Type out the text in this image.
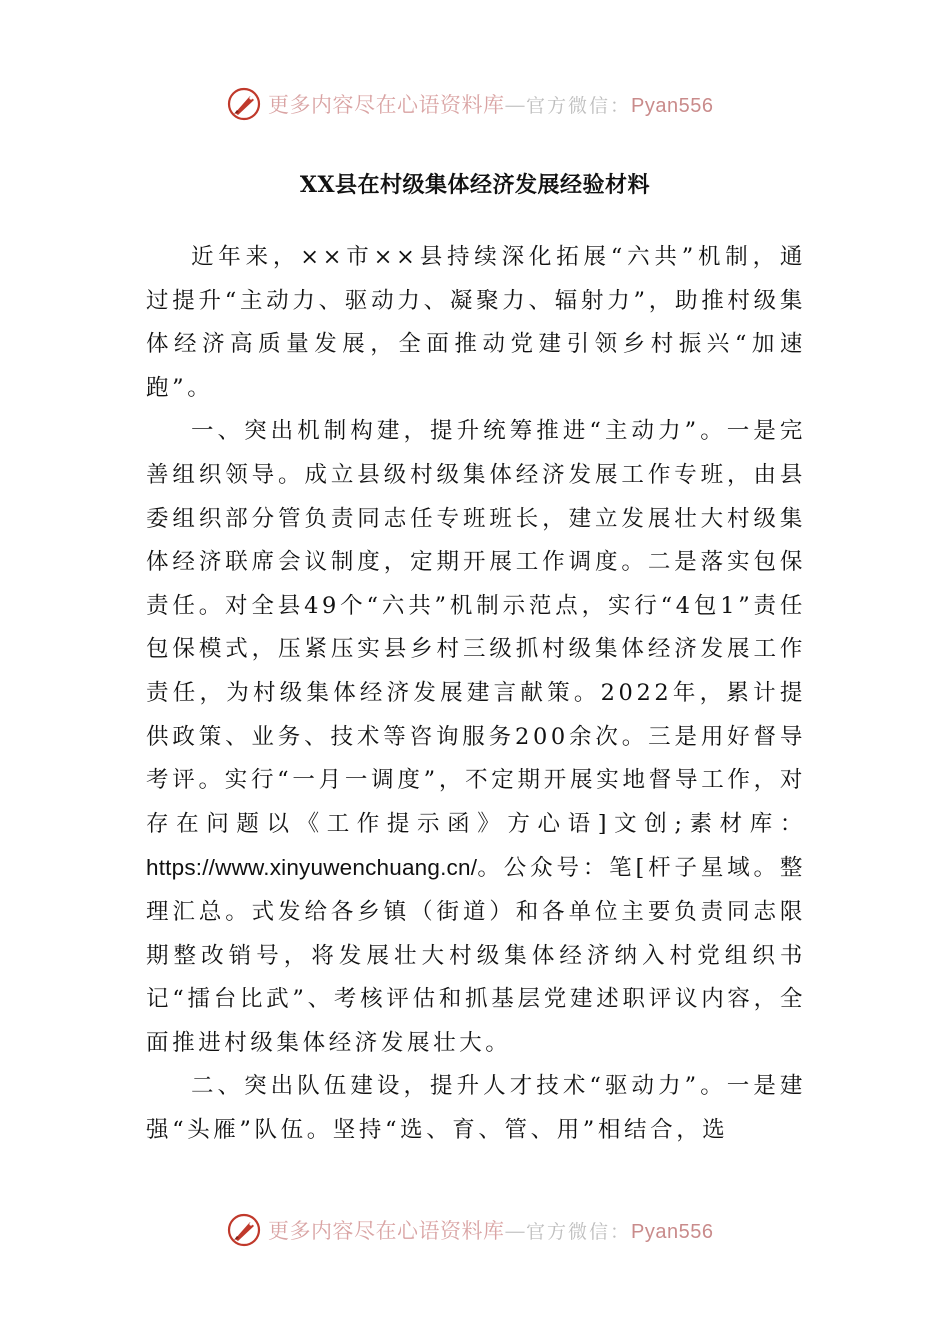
更多内容尽在心语资料库—官方微信：Pyan556
XX县在村级集体经济发展经验材料

近年来，××市××县持续深化拓展“六共”机制，通过提升“主动力、驱动力、凝聚力、辐射力”，助推村级集体经济高质量发展，全面推动党建引领乡村振兴“加速跑”。

一、突出机制构建，提升统筹推进“主动力”。一是完善组织领导。成立县级村级集体经济发展工作专班，由县委组织部分管负责同志任专班班长，建立发展壮大村级集体经济联席会议制度，定期开展工作调度。二是落实包保责任。对全县49个“六共”机制示范点，实行“4包1”责任包保模式，压紧压实县乡村三级抓村级集体经济发展工作责任，为村级集体经济发展建言献策。2022年，累计提供政策、业务、技术等咨询服务200余次。三是用好督导考评。实行“一月一调度”，不定期开展实地督导工作，对存在问题以《工作提示函》方心语]文创;素材库：https://www.xinyuwenchuang.cn/。公众号：笔[杆子星域。整理汇总。式发给各乡镇（街道）和各单位主要负责同志限期整改销号，将发展壮大村级集体经济纳入村党组织书记“擂台比武”、考核评估和抓基层党建述职评议内容，全面推进村级集体经济发展壮大。

二、突出队伍建设，提升人才技术“驱动力”。一是建强“头雁”队伍。坚持“选、育、管、用”相结合，选

更多内容尽在心语资料库—官方微信：Pyan556
